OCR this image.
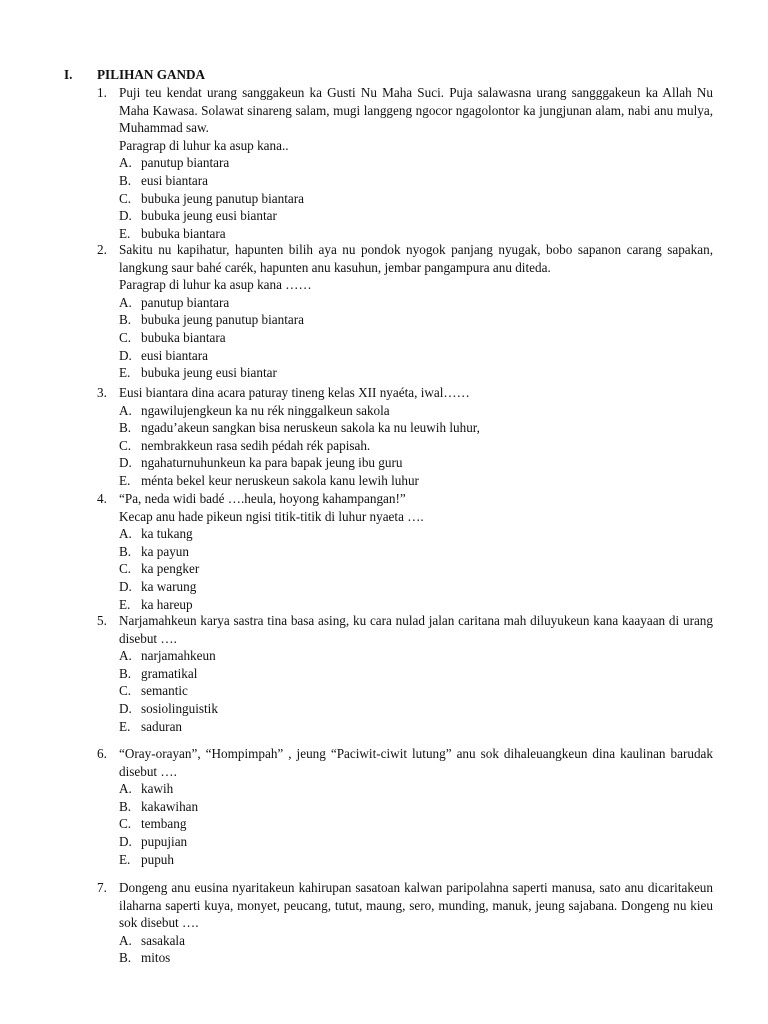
I. PILIHAN GANDA
1. Puji teu kendat urang sanggakeun ka Gusti Nu Maha Suci. Puja salawasna urang sangggakeun ka Allah Nu Maha Kawasa. Solawat sinareng salam, mugi langgeng ngocor ngagolontor ka jungjunan alam, nabi anu mulya, Muhammad saw.
Paragrap di luhur ka asup kana..
A. panutup biantara
B. eusi biantara
C. bubuka jeung panutup biantara
D. bubuka jeung eusi biantar
E. bubuka biantara
2. Sakitu nu kapihatur, hapunten bilih aya nu pondok nyogok panjang nyugak, bobo sapanon carang sapakan, langkung saur bahé carék, hapunten anu kasuhun, jembar pangampura anu diteda.
Paragrap di luhur ka asup kana ……
A. panutup biantara
B. bubuka jeung panutup biantara
C. bubuka biantara
D. eusi biantara
E. bubuka jeung eusi biantar
3. Eusi biantara dina acara paturay tineng kelas XII nyaéta, iwal……
A. ngawilujengkeun ka nu rék ninggalkeun sakola
B. ngadu’akeun sangkan bisa neruskeun sakola ka nu leuwih luhur,
C. nembrakkeun rasa sedih pédah rék papisah.
D. ngahaturnuhunkeun ka para bapak jeung ibu guru
E. ménta bekel keur neruskeun sakola kanu lewih luhur
4. “Pa, neda widi badé ….heula, hoyong kahampangan!”
Kecap anu hade pikeun ngisi titik-titik di luhur nyaeta ….
A. ka tukang
B. ka payun
C. ka pengker
D. ka warung
E. ka hareup
5. Narjamahkeun karya sastra tina basa asing, ku cara nulad jalan caritana mah diluyukeun kana kaayaan di urang disebut ….
A. narjamahkeun
B. gramatikal
C. semantic
D. sosiolinguistik
E. saduran
6. “Oray-orayan”, “Hompimpah” , jeung “Paciwit-ciwit lutung” anu sok dihaleuangkeun dina kaulinan barudak disebut ….
A. kawih
B. kakawihan
C. tembang
D. pupujian
E. pupuh
7. Dongeng anu eusina nyaritakeun kahirupan sasatoan kalwan paripolahna saperti manusa, sato anu dicaritakeun ilaharna saperti kuya, monyet, peucang, tutut, maung, sero, munding, manuk, jeung sajabana. Dongeng nu kieu sok disebut ….
A. sasakala
B. mitos
